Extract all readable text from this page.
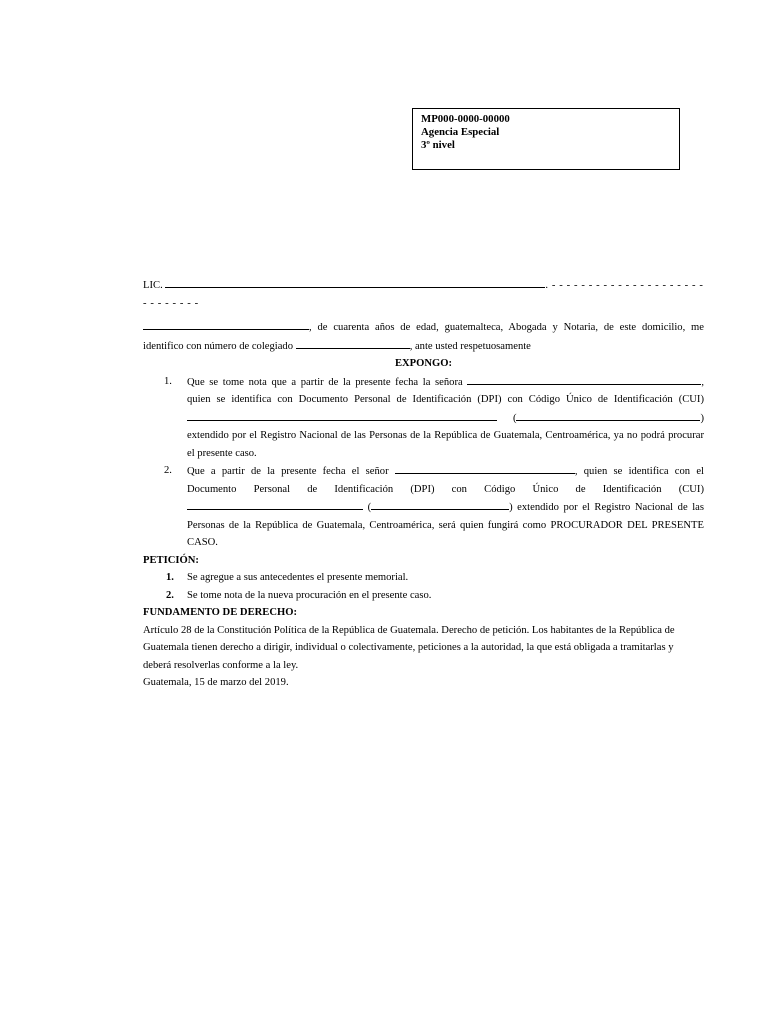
MP000-0000-00000
Agencia Especial
3º nivel

LIC.	. - - - - - - - - - - - - - - - - - - - - - - - - - - - - -

, de cuarenta años de edad, guatemalteca, Abogada y Notaria, de este domicilio, me identifico con número de colegiado	, ante usted respetuosamente

EXPONGO:

1. Que se tome nota que a partir de la presente fecha la señora	, quien se identifica con Documento Personal de Identificación (DPI) con Código Único de Identificación (CUI)    (	) extendido por el Registro Nacional de las Personas de la República de Guatemala, Centroamérica, ya no podrá procurar el presente caso.
2. Que a partir de la presente fecha el señor	, quien se identifica con el Documento Personal de Identificación (DPI) con Código Único de Identificación (CUI)  (	) extendido por el Registro Nacional de las Personas de la República de Guatemala, Centroamérica, será quien fungirá como PROCURADOR DEL PRESENTE CASO.

PETICIÓN:

1. Se agregue a sus antecedentes el presente memorial.
2. Se tome nota de la nueva procuración en el presente caso.

FUNDAMENTO DE DERECHO:

Artículo 28 de la Constitución Política de la República de Guatemala. Derecho de petición. Los habitantes de la República de Guatemala tienen derecho a dirigir, individual o colectivamente, peticiones a la autoridad, la que está obligada a tramitarlas y deberá resolverlas conforme a la ley.

Guatemala, 15 de marzo del 2019.
